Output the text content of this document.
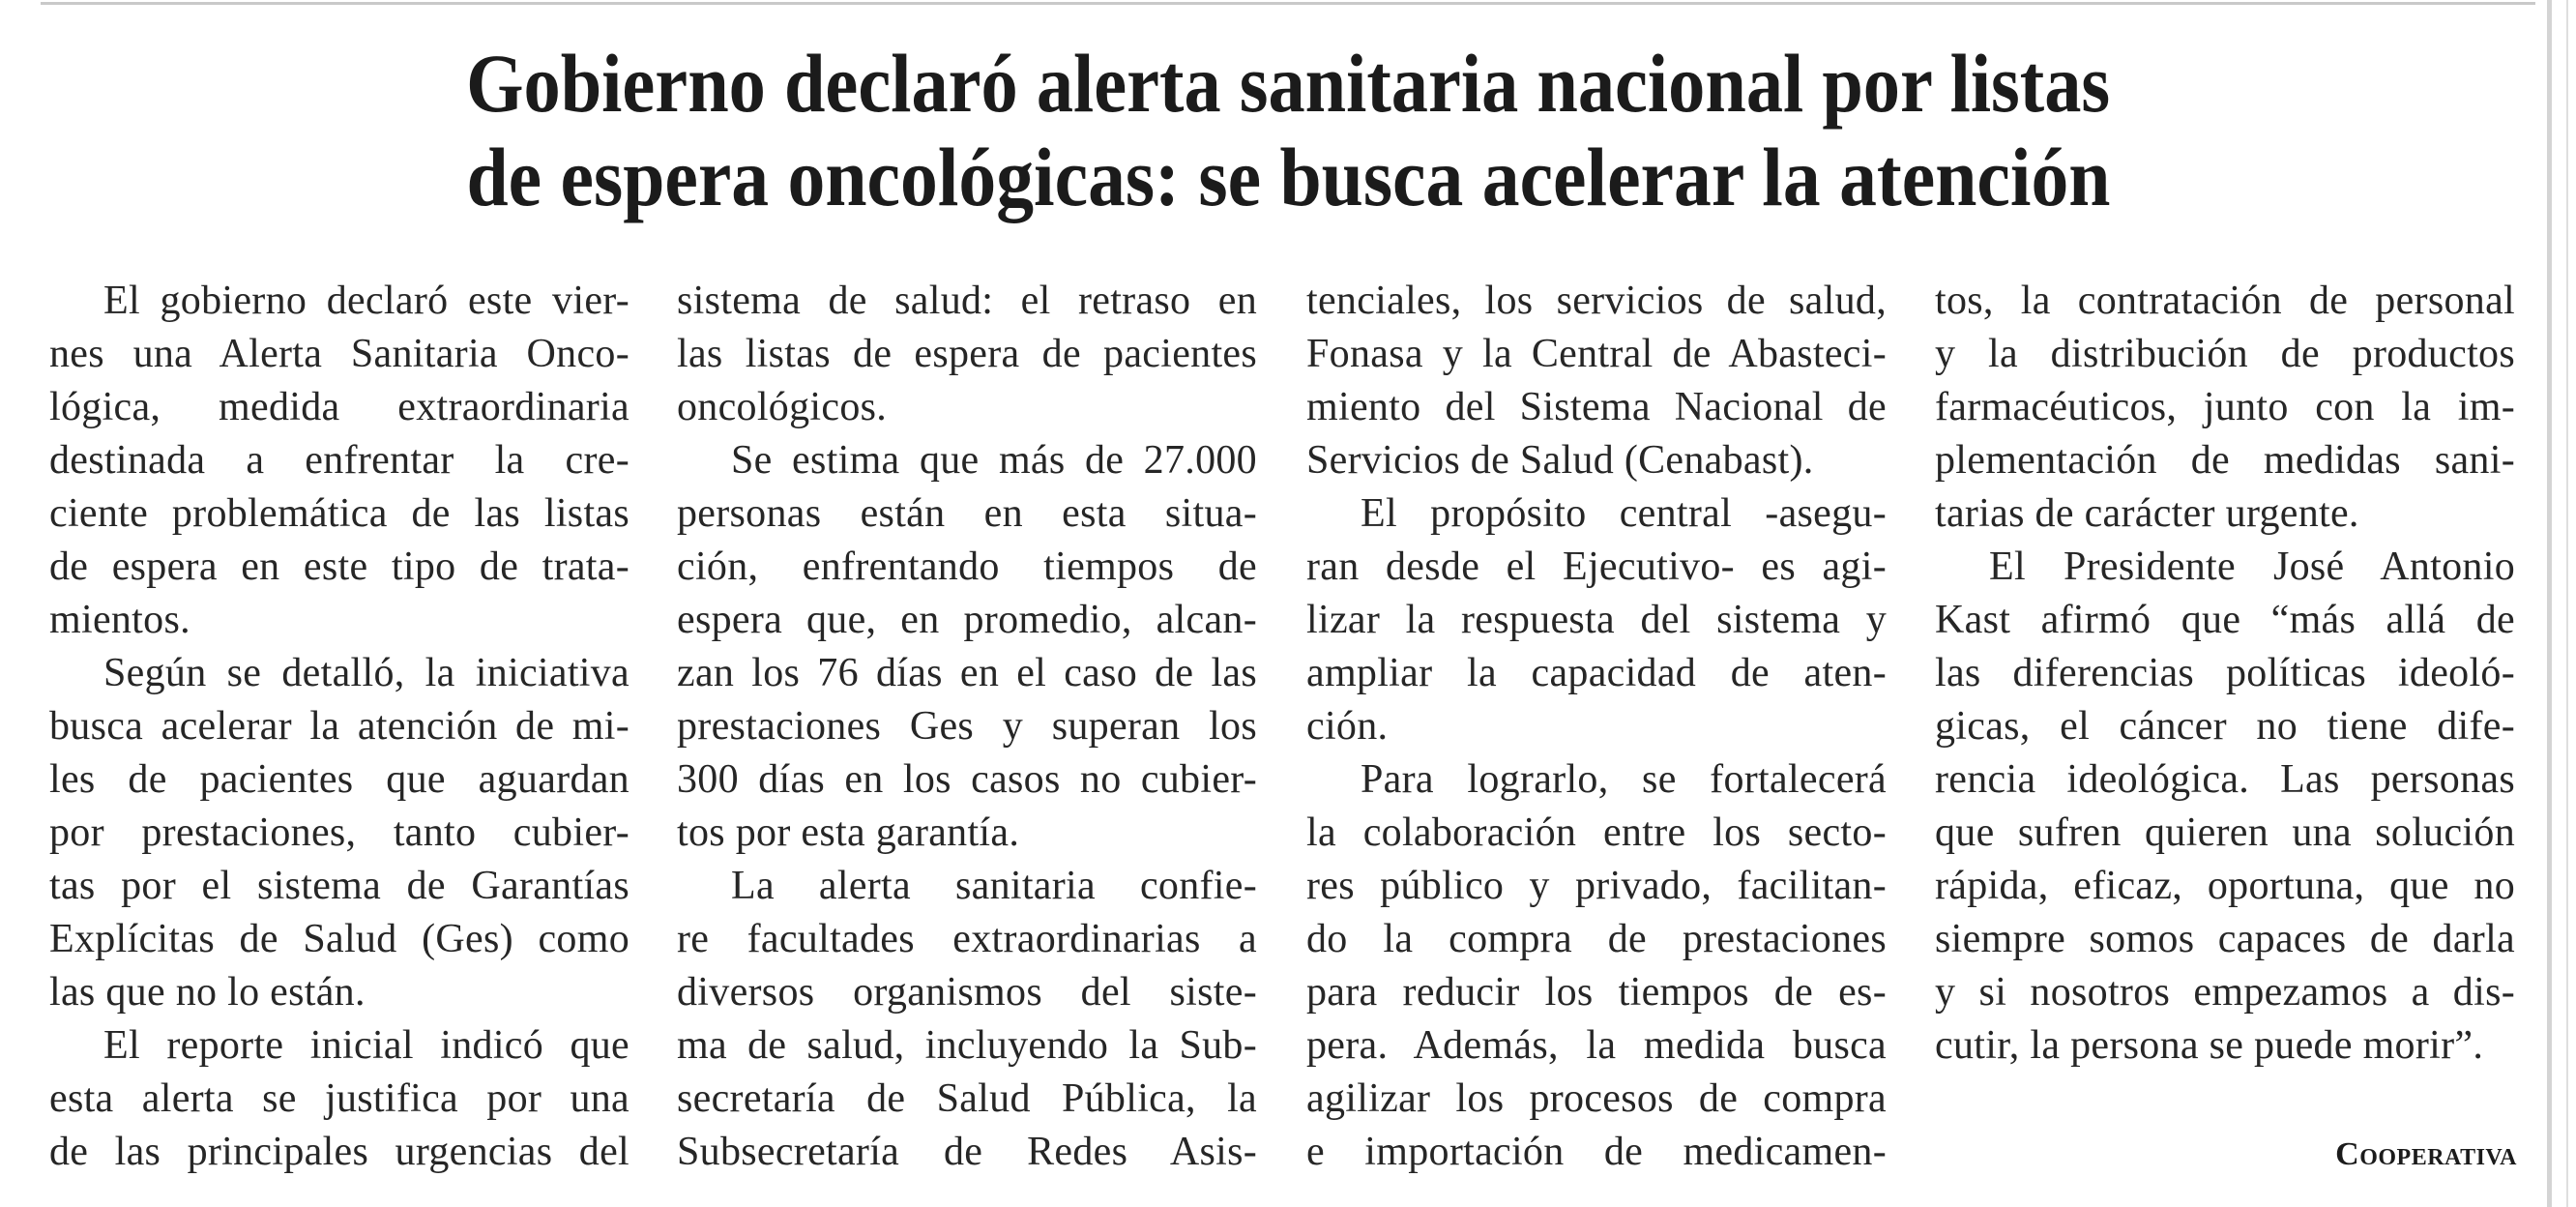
Gobierno declaró alerta sanitaria nacional por listas
de espera oncológicas: se busca acelerar la atención
El gobierno declaró este vier-
nes una Alerta Sanitaria Onco-
lógica, medida extraordinaria
destinada a enfrentar la cre-
ciente problemática de las listas
de espera en este tipo de trata-
mientos.
Según se detalló, la iniciativa
busca acelerar la atención de mi-
les de pacientes que aguardan
por prestaciones, tanto cubier-
tas por el sistema de Garantías
Explícitas de Salud (Ges) como
las que no lo están.
El reporte inicial indicó que
esta alerta se justifica por una
de las principales urgencias del
sistema de salud: el retraso en
las listas de espera de pacientes
oncológicos.
Se estima que más de 27.000
personas están en esta situa-
ción, enfrentando tiempos de
espera que, en promedio, alcan-
zan los 76 días en el caso de las
prestaciones Ges y superan los
300 días en los casos no cubier-
tos por esta garantía.
La alerta sanitaria confie-
re facultades extraordinarias a
diversos organismos del siste-
ma de salud, incluyendo la Sub-
secretaría de Salud Pública, la
Subsecretaría de Redes Asis-
tenciales, los servicios de salud,
Fonasa y la Central de Abasteci-
miento del Sistema Nacional de
Servicios de Salud (Cenabast).
El propósito central -asegu-
ran desde el Ejecutivo- es agi-
lizar la respuesta del sistema y
ampliar la capacidad de aten-
ción.
Para lograrlo, se fortalecerá
la colaboración entre los secto-
res público y privado, facilitan-
do la compra de prestaciones
para reducir los tiempos de es-
pera. Además, la medida busca
agilizar los procesos de compra
e importación de medicamen-
tos, la contratación de personal
y la distribución de productos
farmacéuticos, junto con la im-
plementación de medidas sani-
tarias de carácter urgente.
El Presidente José Antonio
Kast afirmó que “más allá de
las diferencias políticas ideoló-
gicas, el cáncer no tiene dife-
rencia ideológica. Las personas
que sufren quieren una solución
rápida, eficaz, oportuna, que no
siempre somos capaces de darla
y si nosotros empezamos a dis-
cutir, la persona se puede morir”.
Cooperativa
